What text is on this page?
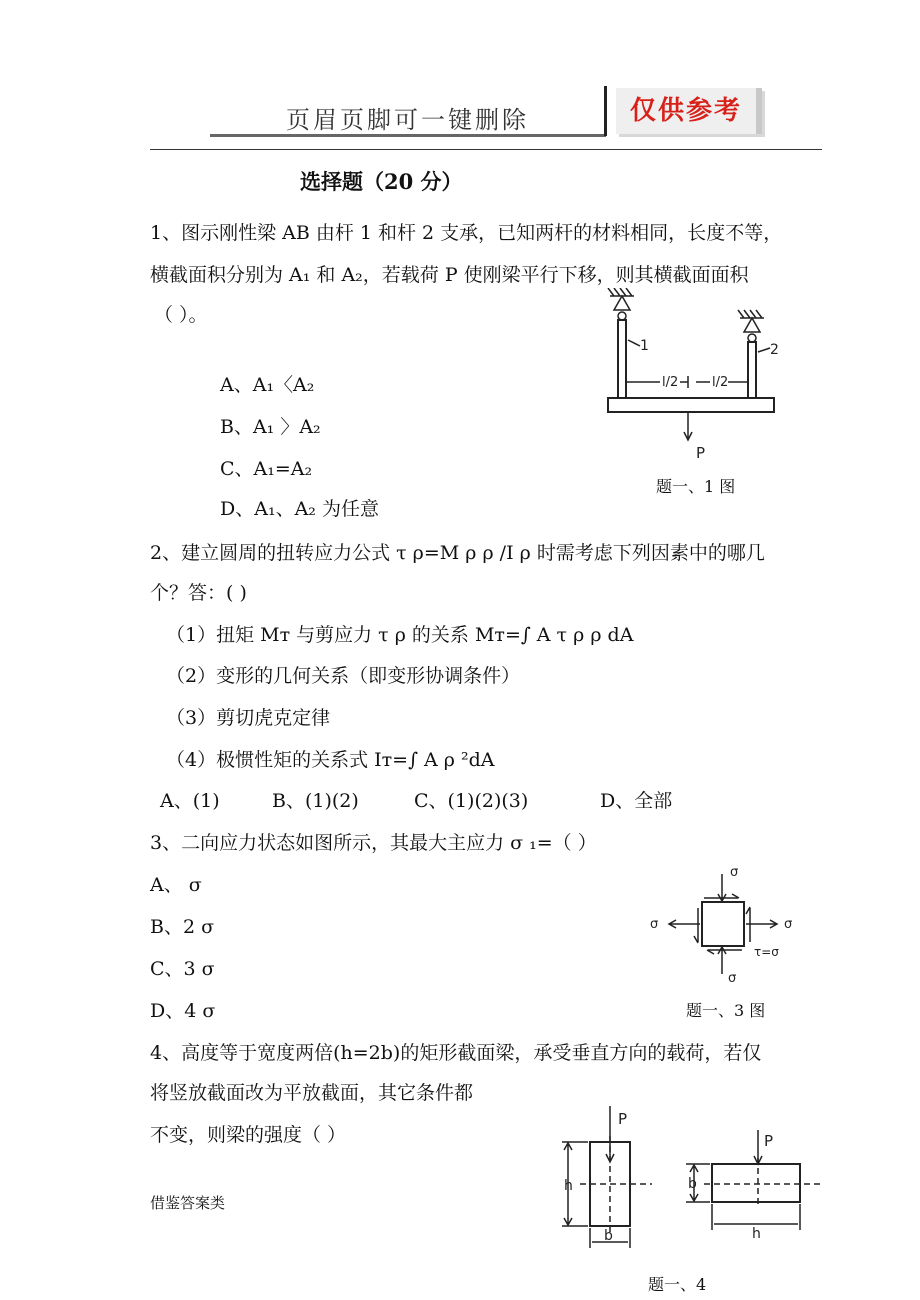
页眉页脚可一键删除	仅供参考
选择题（20 分）
1、图示刚性梁 AB 由杆 1 和杆 2 支承，已知两杆的材料相同，长度不等，
横截面积分别为 A₁ 和 A₂，若载荷 P 使刚梁平行下移，则其横截面面积
（ ）。
A、A₁〈A₂
B、A₁ 〉A₂
C、A₁=A₂
D、A₁、A₂ 为任意
1	2
l/2	l/2
P
题一、1 图
2、建立圆周的扭转应力公式 τ ρ=M ρ ρ /I ρ 时需考虑下列因素中的哪几
个？答：( )
（1）扭矩 Mᴛ 与剪应力 τ ρ 的关系 Mᴛ=∫ A τ ρ ρ dA
（2）变形的几何关系（即变形协调条件）
（3）剪切虎克定律
（4）极惯性矩的关系式 Iᴛ=∫ A ρ ²dA
A、(1)	B、(1)(2)	C、(1)(2)(3)	D、全部
3、二向应力状态如图所示，其最大主应力 σ ₁=（ ）
A、 σ
B、2 σ
C、3 σ
D、4 σ
σ
σ
σ	σ
τ=σ
题一、3 图
4、高度等于宽度两倍(h=2b)的矩形截面梁，承受垂直方向的载荷，若仅
将竖放截面改为平放截面，其它条件都
不变，则梁的强度（ ）
P
h
b
P
b
h
借鉴答案类
题一、4
